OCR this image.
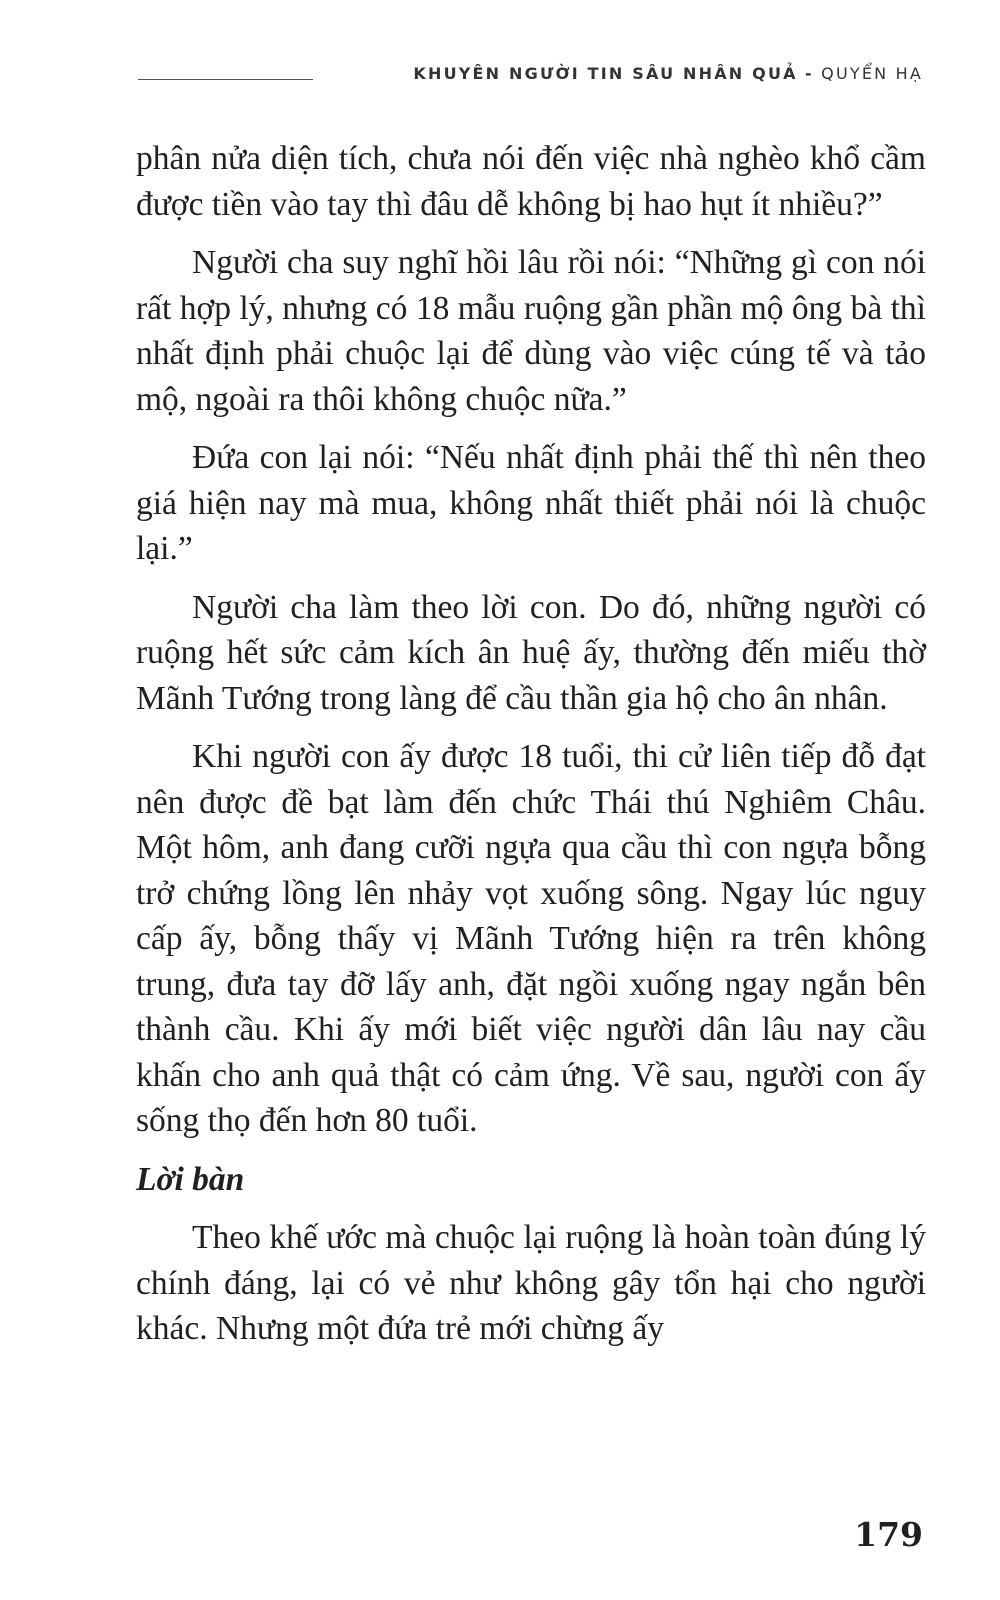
KHUYÊN NGƯỜI TIN SÂU NHÂN QUẢ - QUYỂN HẠ

phân nửa diện tích, chưa nói đến việc nhà nghèo khổ cầm được tiền vào tay thì đâu dễ không bị hao hụt ít nhiều?”

Người cha suy nghĩ hồi lâu rồi nói: “Những gì con nói rất hợp lý, nhưng có 18 mẫu ruộng gần phần mộ ông bà thì nhất định phải chuộc lại để dùng vào việc cúng tế và tảo mộ, ngoài ra thôi không chuộc nữa.”

Đứa con lại nói: “Nếu nhất định phải thế thì nên theo giá hiện nay mà mua, không nhất thiết phải nói là chuộc lại.”

Người cha làm theo lời con. Do đó, những người có ruộng hết sức cảm kích ân huệ ấy, thường đến miếu thờ Mãnh Tướng trong làng để cầu thần gia hộ cho ân nhân.

Khi người con ấy được 18 tuổi, thi cử liên tiếp đỗ đạt nên được đề bạt làm đến chức Thái thú Nghiêm Châu. Một hôm, anh đang cưỡi ngựa qua cầu thì con ngựa bỗng trở chứng lồng lên nhảy vọt xuống sông. Ngay lúc nguy cấp ấy, bỗng thấy vị Mãnh Tướng hiện ra trên không trung, đưa tay đỡ lấy anh, đặt ngồi xuống ngay ngắn bên thành cầu. Khi ấy mới biết việc người dân lâu nay cầu khấn cho anh quả thật có cảm ứng. Về sau, người con ấy sống thọ đến hơn 80 tuổi.

Lời bàn

Theo khế ước mà chuộc lại ruộng là hoàn toàn đúng lý chính đáng, lại có vẻ như không gây tổn hại cho người khác. Nhưng một đứa trẻ mới chừng ấy

179
